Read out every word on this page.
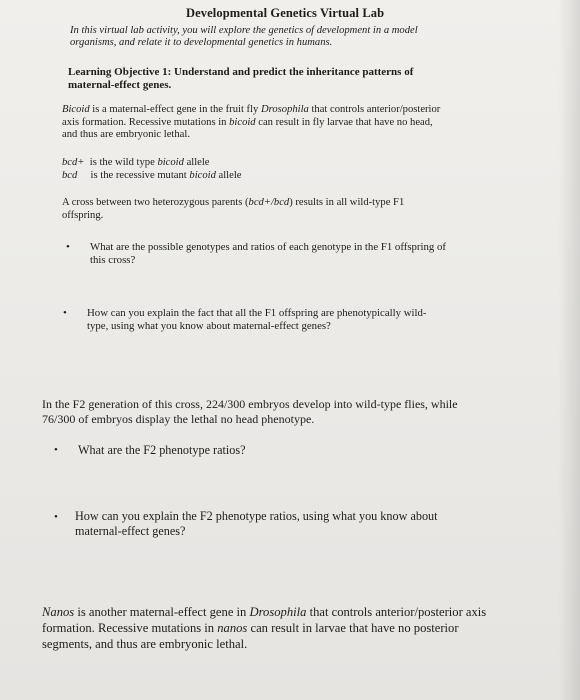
Developmental Genetics Virtual Lab

In this virtual lab activity, you will explore the genetics of development in a model
organisms, and relate it to developmental genetics in humans.

Learning Objective 1: Understand and predict the inheritance patterns of
maternal-effect genes.

Bicoid is a maternal-effect gene in the fruit fly Drosophila that controls anterior/posterior
axis formation. Recessive mutations in bicoid can result in fly larvae that have no head,
and thus are embryonic lethal.

bcd+  is the wild type bicoid allele
bcd     is the recessive mutant bicoid allele

A cross between two heterozygous parents (bcd+/bcd) results in all wild-type F1
offspring.

• What are the possible genotypes and ratios of each genotype in the F1 offspring of
this cross?

• How can you explain the fact that all the F1 offspring are phenotypically wild-
type, using what you know about maternal-effect genes?

In the F2 generation of this cross, 224/300 embryos develop into wild-type flies, while
76/300 of embryos display the lethal no head phenotype.

• What are the F2 phenotype ratios?

• How can you explain the F2 phenotype ratios, using what you know about
maternal-effect genes?

Nanos is another maternal-effect gene in Drosophila that controls anterior/posterior axis
formation. Recessive mutations in nanos can result in larvae that have no posterior
segments, and thus are embryonic lethal.
